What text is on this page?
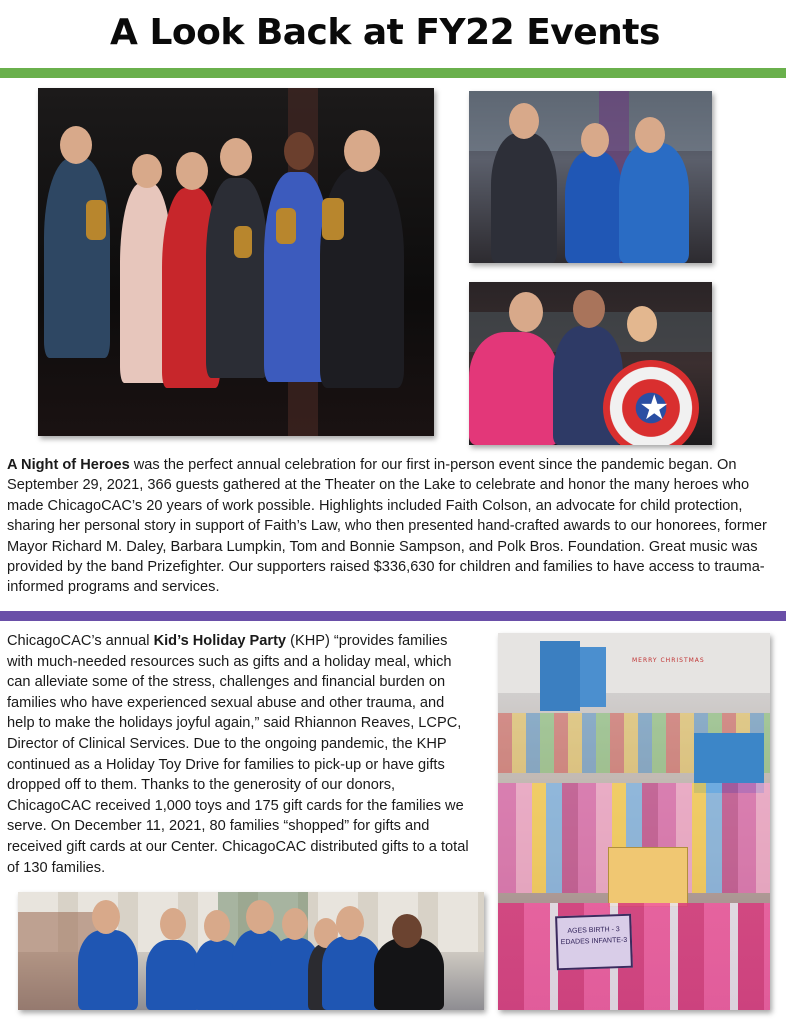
A Look Back at FY22 Events
★
A Night of Heroes was the perfect annual celebration for our first in-person event since the pandemic began. On September 29, 2021, 366 guests gathered at the Theater on the Lake to celebrate and honor the many heroes who made ChicagoCAC’s 20 years of work possible. Highlights included Faith Colson, an advocate for child protection, sharing her personal story in support of Faith’s Law, who then presented hand-crafted awards to our honorees, former Mayor Richard M. Daley, Barbara Lumpkin, Tom and Bonnie Sampson, and Polk Bros. Foundation. Great music was provided by the band Prizefighter. Our supporters raised $336,630 for children and families to have access to trauma-informed programs and services.
ChicagoCAC’s annual Kid’s Holiday Party (KHP) “provides families with much-needed resources such as gifts and a holiday meal, which can alleviate some of the stress, challenges and financial burden on families who have experienced sexual abuse and other trauma, and help to make the holidays joyful again,” said Rhiannon Reaves, LCPC, Director of Clinical Services. Due to the ongoing pandemic, the KHP continued as a Holiday Toy Drive for families to pick-up or have gifts dropped off to them. Thanks to the generosity of our donors, ChicagoCAC received 1,000 toys and 175 gift cards for the families we serve. On December 11, 2021, 80 families “shopped” for gifts and received gift cards at our Center. ChicagoCAC distributed gifts to a total of 130 families.
MERRY CHRISTMAS
AGES BIRTH - 3
EDADES INFANTE-3
